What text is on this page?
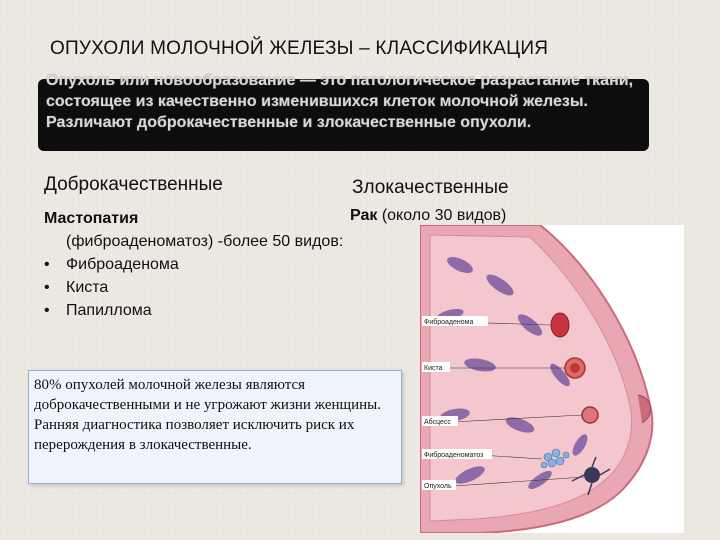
ОПУХОЛИ МОЛОЧНОЙ ЖЕЛЕЗЫ – КЛАССИФИКАЦИЯ
Опухоль или новообразование — это патологическое разрастание ткани, состоящее из качественно изменившихся клеток молочной железы. Различают доброкачественные и злокачественные опухоли.
Доброкачественные	Злокачественные
Мастопатия
(фиброаденоматоз) -более 50 видов:
• Фиброаденома
• Киста
• Папиллома
Рак (около 30 видов)
80% опухолей молочной железы являются доброкачественными и не угрожают жизни женщины. Ранняя диагностика позволяет исключить риск их перерождения в злокачественные.
Фиброаденома
Киста
Абсцесс
Фиброаденоматоз
Опухоль
